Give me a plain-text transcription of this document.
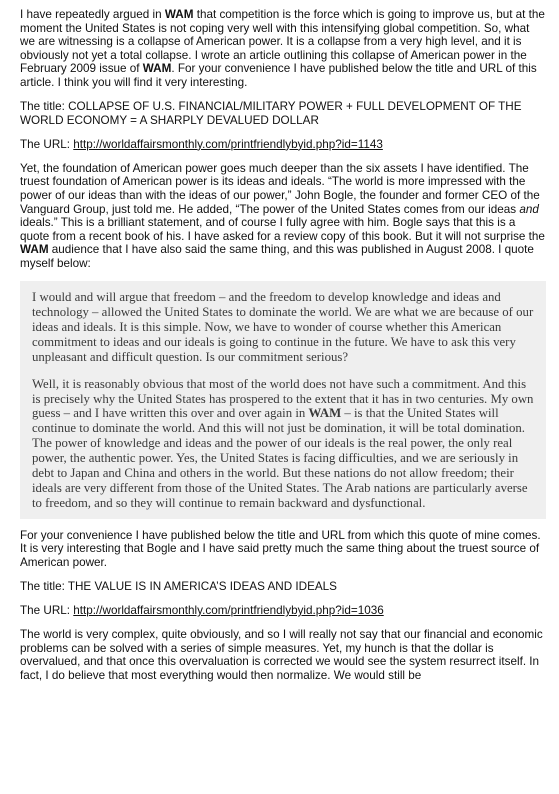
I have repeatedly argued in WAM that competition is the force which is going to improve us, but at the moment the United States is not coping very well with this intensifying global competition. So, what we are witnessing is a collapse of American power. It is a collapse from a very high level, and it is obviously not yet a total collapse. I wrote an article outlining this collapse of American power in the February 2009 issue of WAM. For your convenience I have published below the title and URL of this article. I think you will find it very interesting.

The title: COLLAPSE OF U.S. FINANCIAL/MILITARY POWER + FULL DEVELOPMENT OF THE WORLD ECONOMY = A SHARPLY DEVALUED DOLLAR

The URL: http://worldaffairsmonthly.com/printfriendlybyid.php?id=1143

Yet, the foundation of American power goes much deeper than the six assets I have identified. The truest foundation of American power is its ideas and ideals. “The world is more impressed with the power of our ideas than with the ideas of our power,” John Bogle, the founder and former CEO of the Vanguard Group, just told me. He added, “The power of the United States comes from our ideas and ideals.” This is a brilliant statement, and of course I fully agree with him. Bogle says that this is a quote from a recent book of his. I have asked for a review copy of this book. But it will not surprise the WAM audience that I have also said the same thing, and this was published in August 2008. I quote myself below:

I would and will argue that freedom – and the freedom to develop knowledge and ideas and technology – allowed the United States to dominate the world. We are what we are because of our ideas and ideals. It is this simple. Now, we have to wonder of course whether this American commitment to ideas and our ideals is going to continue in the future. We have to ask this very unpleasant and difficult question. Is our commitment serious?

Well, it is reasonably obvious that most of the world does not have such a commitment. And this is precisely why the United States has prospered to the extent that it has in two centuries. My own guess – and I have written this over and over again in WAM – is that the United States will continue to dominate the world. And this will not just be domination, it will be total domination. The power of knowledge and ideas and the power of our ideals is the real power, the only real power, the authentic power. Yes, the United States is facing difficulties, and we are seriously in debt to Japan and China and others in the world. But these nations do not allow freedom; their ideals are very different from those of the United States. The Arab nations are particularly averse to freedom, and so they will continue to remain backward and dysfunctional.

For your convenience I have published below the title and URL from which this quote of mine comes. It is very interesting that Bogle and I have said pretty much the same thing about the truest source of American power.

The title: THE VALUE IS IN AMERICA’S IDEAS AND IDEALS

The URL: http://worldaffairsmonthly.com/printfriendlybyid.php?id=1036

The world is very complex, quite obviously, and so I will really not say that our financial and economic problems can be solved with a series of simple measures. Yet, my hunch is that the dollar is overvalued, and that once this overvaluation is corrected we would see the system resurrect itself. In fact, I do believe that most everything would then normalize. We would still be
